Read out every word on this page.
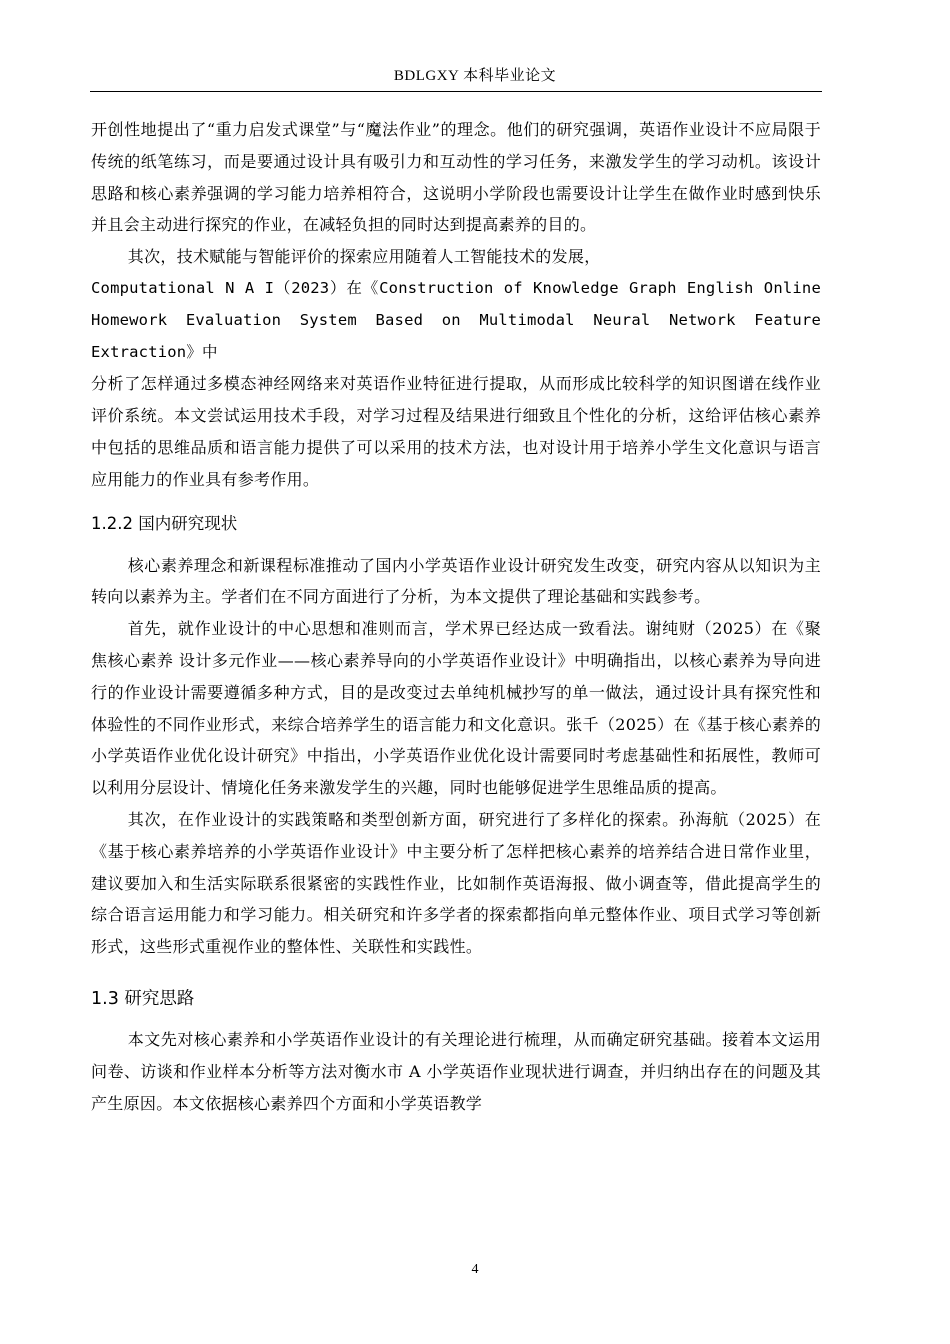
BDLGXY 本科毕业论文

开创性地提出了“重力启发式课堂”与“魔法作业”的理念。他们的研究强调，英语作业设计不应局限于传统的纸笔练习，而是要通过设计具有吸引力和互动性的学习任务，来激发学生的学习动机。该设计思路和核心素养强调的学习能力培养相符合，这说明小学阶段也需要设计让学生在做作业时感到快乐并且会主动进行探究的作业，在减轻负担的同时达到提高素养的目的。

其次，技术赋能与智能评价的探索应用随着人工智能技术的发展，

Computational N A I（2023）在《Construction of Knowledge Graph English Online Homework Evaluation System Based on Multimodal Neural Network Feature Extraction》中

分析了怎样通过多模态神经网络来对英语作业特征进行提取，从而形成比较科学的知识图谱在线作业评价系统。本文尝试运用技术手段，对学习过程及结果进行细致且个性化的分析，这给评估核心素养中包括的思维品质和语言能力提供了可以采用的技术方法，也对设计用于培养小学生文化意识与语言应用能力的作业具有参考作用。

1.2.2 国内研究现状

核心素养理念和新课程标准推动了国内小学英语作业设计研究发生改变，研究内容从以知识为主转向以素养为主。学者们在不同方面进行了分析，为本文提供了理论基础和实践参考。

首先，就作业设计的中心思想和准则而言，学术界已经达成一致看法。谢纯财（2025）在《聚焦核心素养 设计多元作业——核心素养导向的小学英语作业设计》中明确指出，以核心素养为导向进行的作业设计需要遵循多种方式，目的是改变过去单纯机械抄写的单一做法，通过设计具有探究性和体验性的不同作业形式，来综合培养学生的语言能力和文化意识。张千（2025）在《基于核心素养的小学英语作业优化设计研究》中指出，小学英语作业优化设计需要同时考虑基础性和拓展性，教师可以利用分层设计、情境化任务来激发学生的兴趣，同时也能够促进学生思维品质的提高。

其次，在作业设计的实践策略和类型创新方面，研究进行了多样化的探索。孙海航（2025）在《基于核心素养培养的小学英语作业设计》中主要分析了怎样把核心素养的培养结合进日常作业里，建议要加入和生活实际联系很紧密的实践性作业，比如制作英语海报、做小调查等，借此提高学生的综合语言运用能力和学习能力。相关研究和许多学者的探索都指向单元整体作业、项目式学习等创新形式，这些形式重视作业的整体性、关联性和实践性。

1.3 研究思路

本文先对核心素养和小学英语作业设计的有关理论进行梳理，从而确定研究基础。接着本文运用问卷、访谈和作业样本分析等方法对衡水市 A 小学英语作业现状进行调查，并归纳出存在的问题及其产生原因。本文依据核心素养四个方面和小学英语教学

4
